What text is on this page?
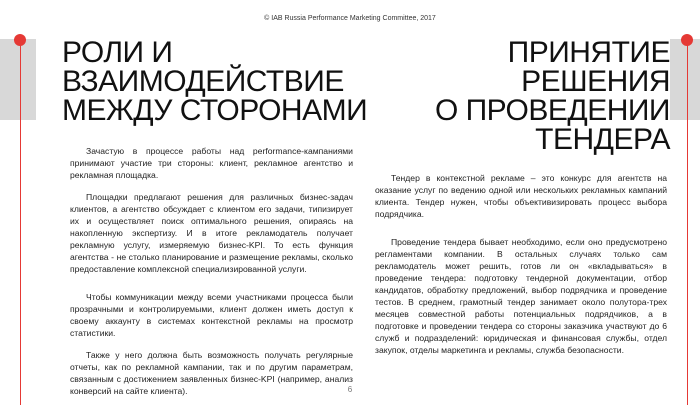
© IAB Russia Performance Marketing Committee, 2017
РОЛИ И
ВЗАИМОДЕЙСТВИЕ
МЕЖДУ СТОРОНАМИ
ПРИНЯТИЕ
РЕШЕНИЯ
О ПРОВЕДЕНИИ
ТЕНДЕРА

Зачастую в процессе работы над performance-кампаниями принимают участие три стороны: клиент, рекламное агентство и рекламная площадка.

Площадки предлагают решения для различных бизнес-задач клиентов, а агентство обсуждает с клиентом его задачи, типизирует их и осуществляет поиск оптимального решения, опираясь на накопленную экспертизу. И в итоге рекламодатель получает рекламную услугу, измеряемую бизнес-KPI. То есть функция агентства - не столько планирование и размещение рекламы, сколько предоставление комплексной специализированной услуги.

Чтобы коммуникации между всеми участниками процесса были прозрачными и контролируемыми, клиент должен иметь доступ к своему аккаунту в системах контекстной рекламы на просмотр статистики.

Также у него должна быть возможность получать регулярные отчеты, как по рекламной кампании, так и по другим параметрам, связанным с достижением заявленных бизнес-KPI (например, анализ конверсий на сайте клиента).

Тендер в контекстной рекламе – это конкурс для агентств на оказание услуг по ведению одной или нескольких рекламных кампаний клиента. Тендер нужен, чтобы объективизировать процесс выбора подрядчика.

Проведение тендера бывает необходимо, если оно предусмотрено регламентами компании. В остальных случаях только сам рекламодатель может решить, готов ли он «вкладываться» в проведение тендера: подготовку тендерной документации, отбор кандидатов, обработку предложений, выбор подрядчика и проведение тестов. В среднем, грамотный тендер занимает около полутора-трех месяцев совместной работы потенциальных подрядчиков, а в подготовке и проведении тендера со стороны заказчика участвуют до 6 служб и подразделений: юридическая и финансовая службы, отдел закупок, отделы маркетинга и рекламы, служба безопасности.

6
